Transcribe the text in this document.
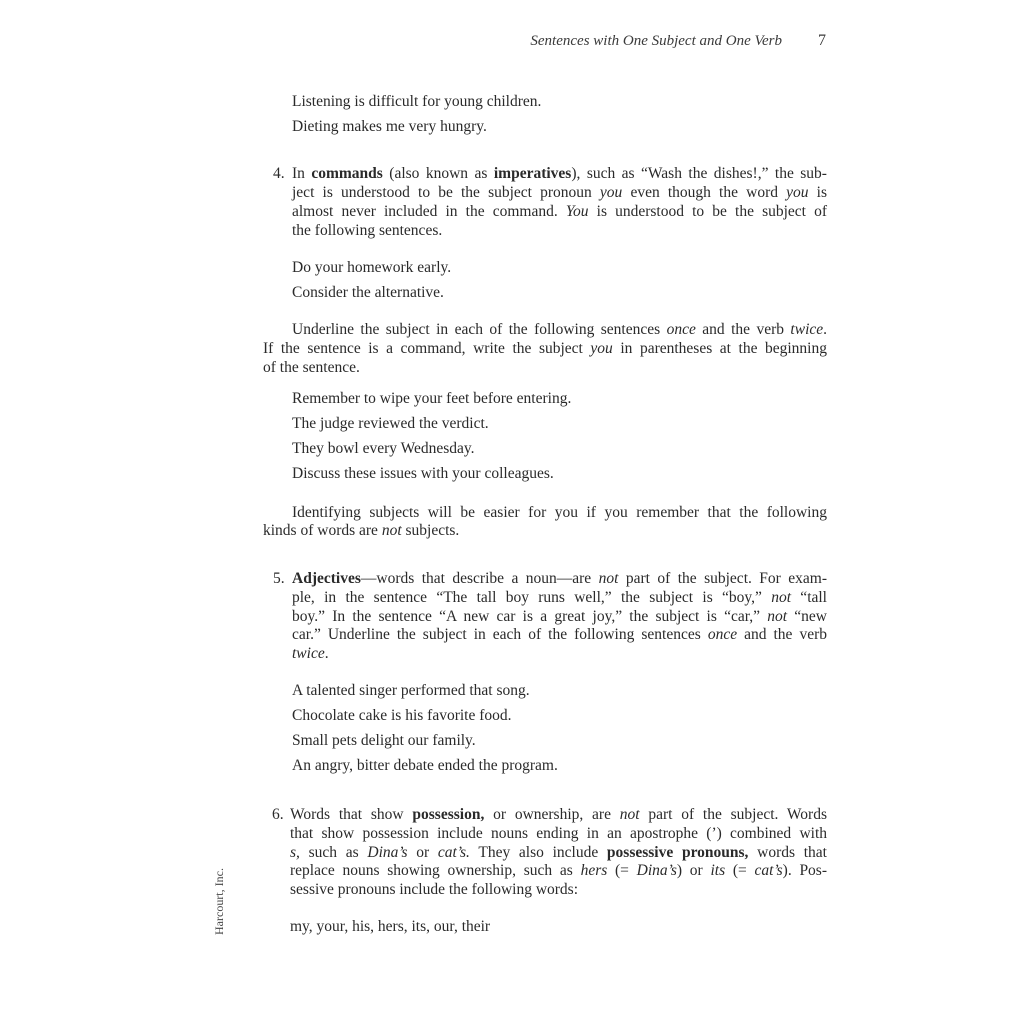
Sentences with One Subject and One Verb 7
Listening is difficult for young children.
Dieting makes me very hungry.
4. In commands (also known as imperatives), such as “Wash the dishes!,” the sub-
ject is understood to be the subject pronoun you even though the word you is
almost never included in the command. You is understood to be the subject of
the following sentences.
Do your homework early.
Consider the alternative.
Underline the subject in each of the following sentences once and the verb twice.
If the sentence is a command, write the subject you in parentheses at the beginning
of the sentence.
Remember to wipe your feet before entering.
The judge reviewed the verdict.
They bowl every Wednesday.
Discuss these issues with your colleagues.
Identifying subjects will be easier for you if you remember that the following
kinds of words are not subjects.
5. Adjectives—words that describe a noun—are not part of the subject. For exam-
ple, in the sentence “The tall boy runs well,” the subject is “boy,” not “tall
boy.” In the sentence “A new car is a great joy,” the subject is “car,” not “new
car.” Underline the subject in each of the following sentences once and the verb
twice.
A talented singer performed that song.
Chocolate cake is his favorite food.
Small pets delight our family.
An angry, bitter debate ended the program.
6. Words that show possession, or ownership, are not part of the subject. Words
that show possession include nouns ending in an apostrophe (’) combined with
s, such as Dina’s or cat’s. They also include possessive pronouns, words that
replace nouns showing ownership, such as hers (= Dina’s) or its (= cat’s). Pos-
sessive pronouns include the following words:
my, your, his, hers, its, our, their
Harcourt, Inc.
